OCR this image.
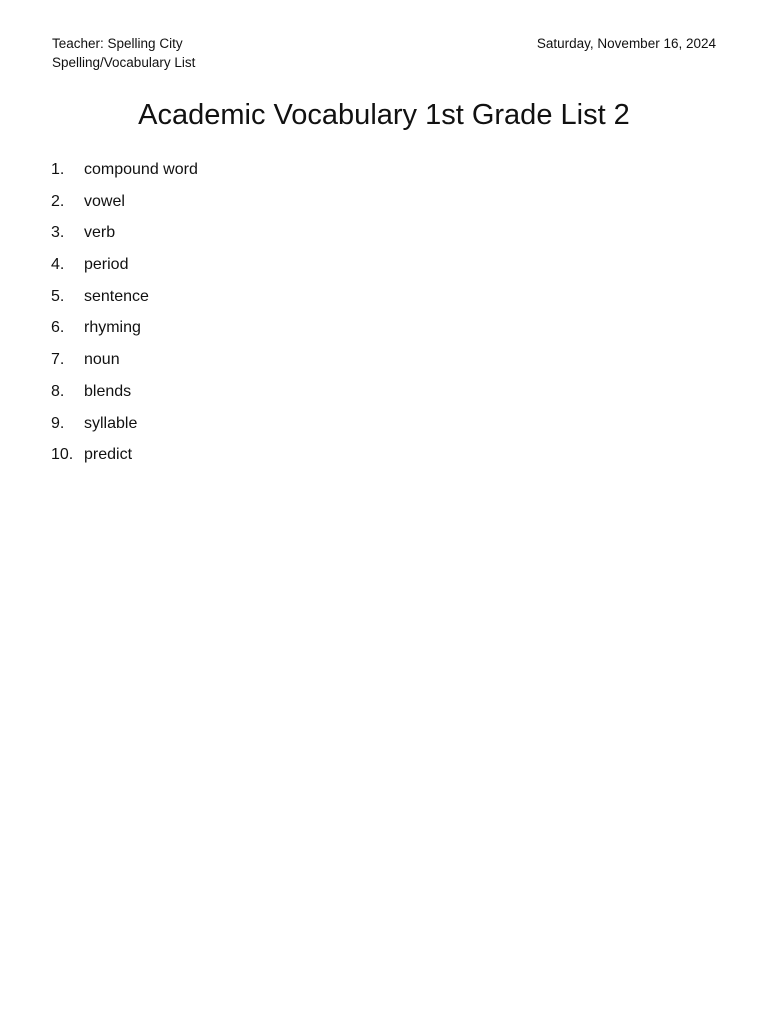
Teacher: Spelling City	Saturday, November 16, 2024
Spelling/Vocabulary List
Academic Vocabulary 1st Grade List 2
1.	compound word
2.	vowel
3.	verb
4.	period
5.	sentence
6.	rhyming
7.	noun
8.	blends
9.	syllable
10. predict
